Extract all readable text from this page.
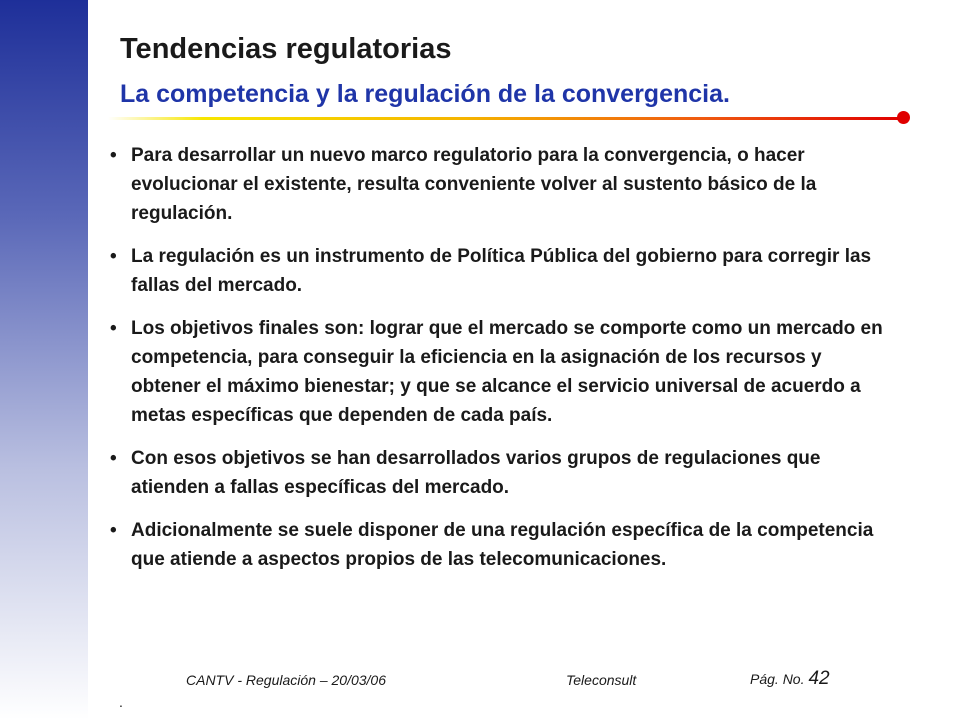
Tendencias regulatorias
La competencia y la regulación de la convergencia.
• Para desarrollar un nuevo marco regulatorio para la convergencia, o hacer evolucionar el existente, resulta conveniente volver al sustento básico de la regulación.
• La regulación es un instrumento de Política Pública del gobierno para corregir las fallas del mercado.
• Los objetivos finales son: lograr que el mercado se comporte como un mercado en competencia, para conseguir la eficiencia en la asignación de los recursos y obtener el máximo bienestar; y que se alcance el servicio universal de acuerdo a metas específicas que dependen de cada país.
• Con esos objetivos se han desarrollados varios grupos de regulaciones que atienden a fallas específicas del mercado.
• Adicionalmente se suele disponer de una regulación específica de la competencia que atiende a aspectos propios de las telecomunicaciones.
CANTV - Regulación – 20/03/06	Teleconsult	Pág. No. 42
.
